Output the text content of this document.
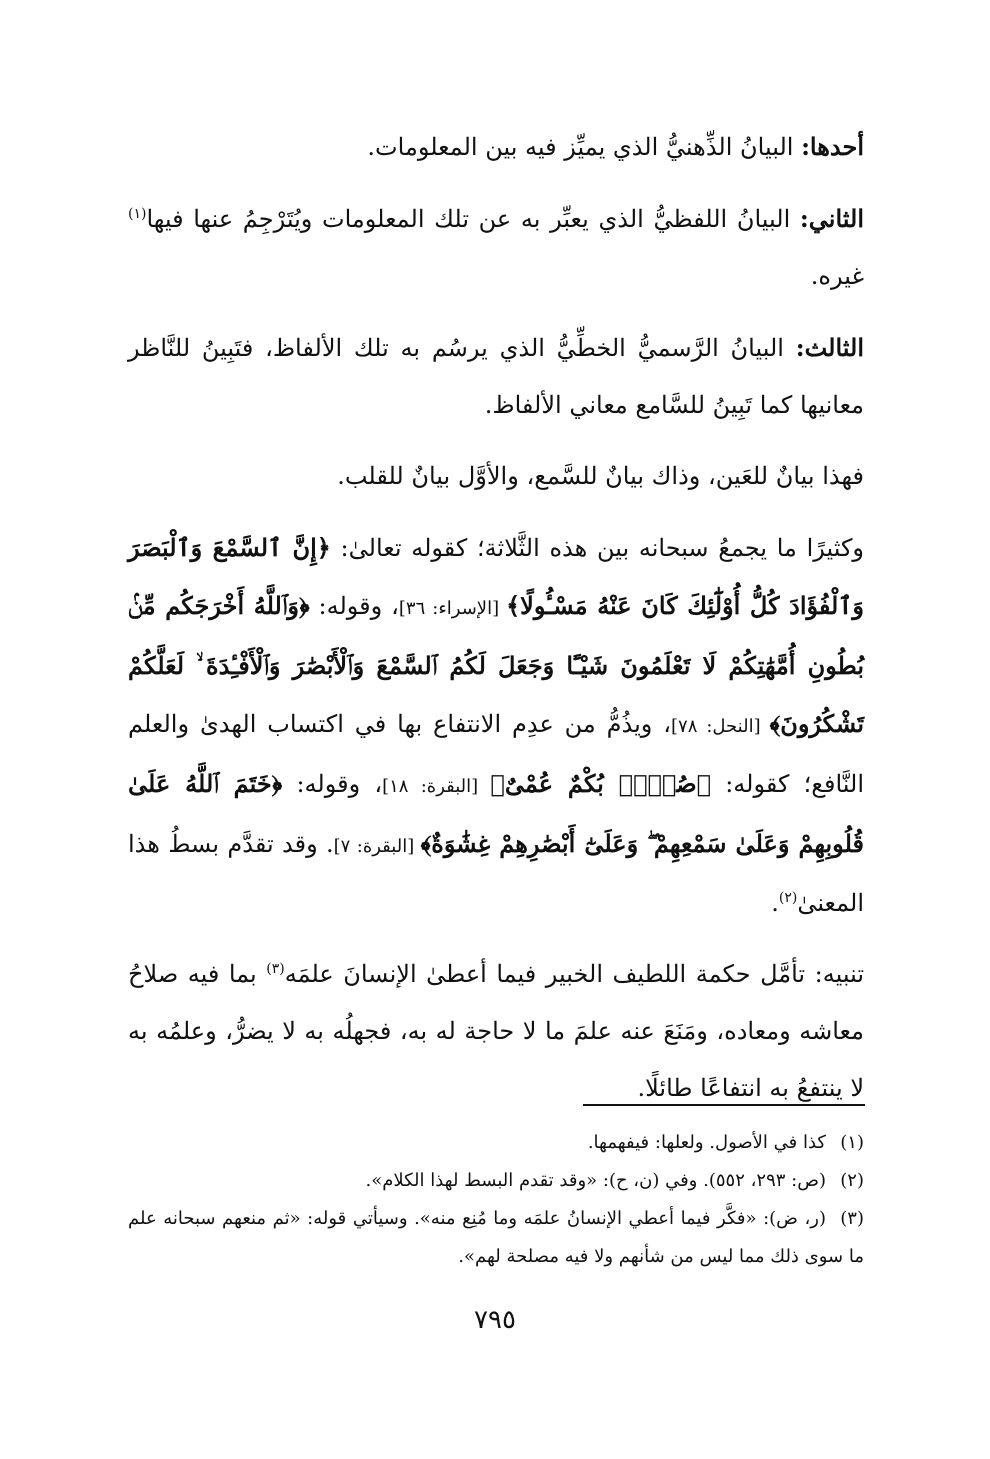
أحدها: البيانُ الذِّهنيُّ الذي يميِّز فيه بين المعلومات.

الثاني: البيانُ اللفظيُّ الذي يعبِّر به عن تلك المعلومات ويُتَرْجِمُ عنها فيها$^{(١)}$ غيره.

الثالث: البيانُ الرَّسميُّ الخطِّيُّ الذي يرسُم به تلك الألفاظ، فتَبِينُ للنَّاظر معانيها كما تَبِينُ للسَّامع معاني الألفاظ.

فهذا بيانٌ للعَين، وذاك بيانٌ للسَّمع، والأوَّل بيانٌ للقلب.

وكثيرًا ما يجمعُ سبحانه بين هذه الثَّلاثة؛ كقوله تعالىٰ: ﴿إِنَّ ٱلسَّمْعَ وَٱلْبَصَرَ وَٱلْفُؤَادَ كُلُّ أُوْلَٰٓئِكَ كَانَ عَنْهُ مَسْـُٔولًا﴾ [الإسراء: ٣٦]، وقوله: ﴿وَٱللَّهُ أَخْرَجَكُم مِّنۢ بُطُونِ أُمَّهَٰتِكُمْ لَا تَعْلَمُونَ شَيْـًٔا وَجَعَلَ لَكُمُ ٱلسَّمْعَ وَٱلْأَبْصَٰرَ وَٱلْأَفْـِٔدَةَ ۙ لَعَلَّكُمْ تَشْكُرُونَ﴾ [النحل: ٧٨]، ويذُمُّ من عدِم الانتفاع بها في اكتساب الهدىٰ والعلم النَّافع؛ كقوله: ﴿صُمٌّۢ بُكْمٌ عُمْىٌ﴾ [البقرة: ١٨]، وقوله: ﴿خَتَمَ ٱللَّهُ عَلَىٰ قُلُوبِهِمْ وَعَلَىٰ سَمْعِهِمْ ۖ وَعَلَىٰٓ أَبْصَٰرِهِمْ غِشَٰوَةٌ﴾ [البقرة: ٧]. وقد تقدَّم بسطُ هذا المعنىٰ$^{(٢)}$.

تنبيه: تأمَّل حكمة اللطيف الخبير فيما أعطىٰ الإنسانَ علمَه$^{(٣)}$ بما فيه صلاحُ معاشه ومعاده، ومَنَعَ عنه علمَ ما لا حاجة له به، فجهلُه به لا يضرُّ، وعلمُه به لا ينتفعُ به انتفاعًا طائلًا.

(١)كذا في الأصول. ولعلها: فيفهمها.

(٢)(ص: ٢٩٣، ٥٥٢). وفي (ن، ح): «وقد تقدم البسط لهذا الكلام».

(٣)(ر، ض): «فكَّر فيما أعطي الإنسانُ علمَه وما مُنِع منه». وسيأتي قوله: «ثم منعهم سبحانه علم ما سوى ذلك مما ليس من شأنهم ولا فيه مصلحة لهم».

٧٩٥
